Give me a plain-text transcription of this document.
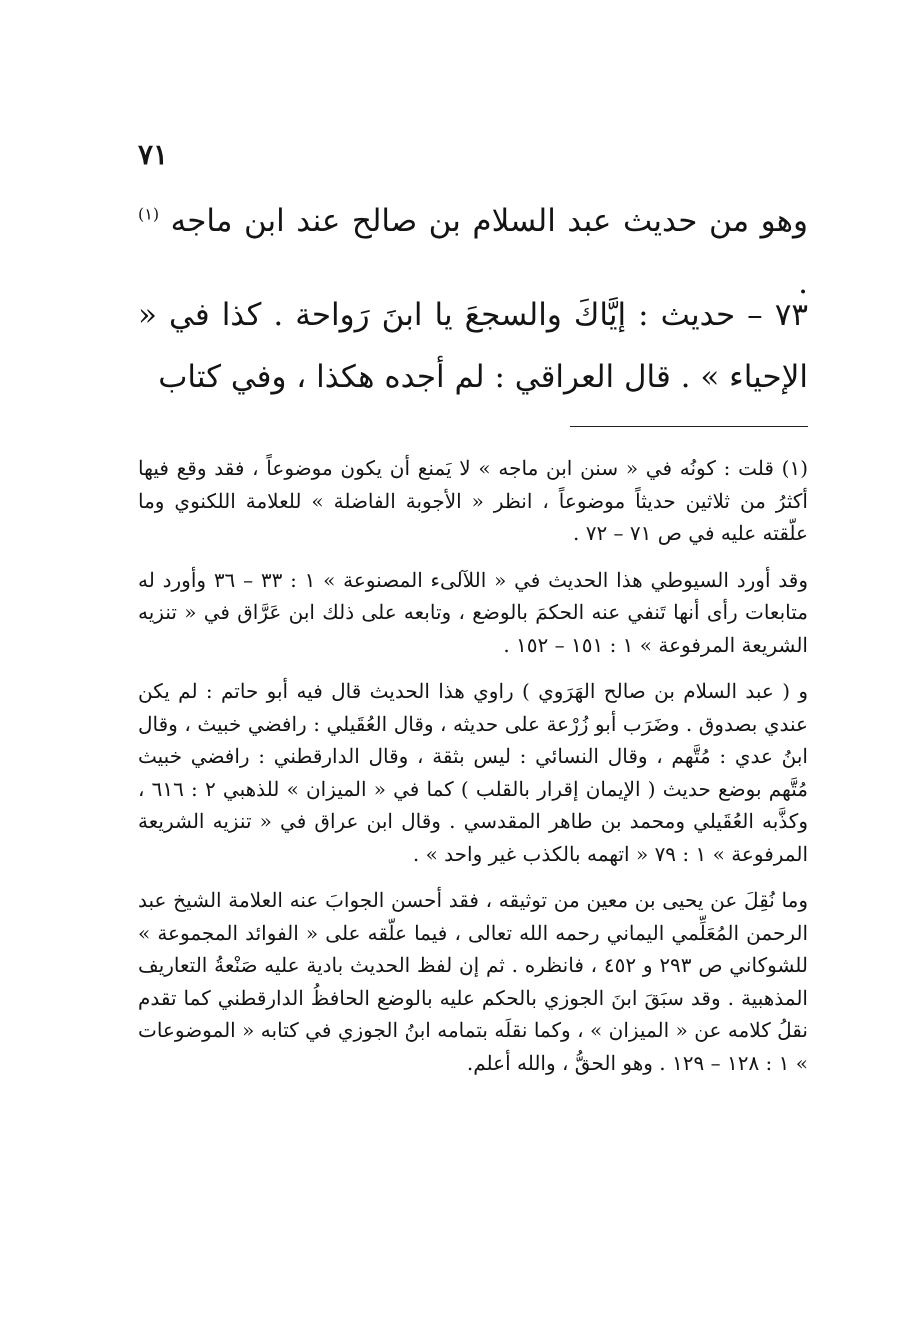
٧١
وهو من حديث عبد السلام بن صالح عند ابن ماجه $^{(١)}$ .

٧٣ – حديث : إيَّاكَ والسجعَ يا ابنَ رَواحة . كذا في « الإحياء » . قال العراقي : لم أجده هكذا ، وفي كتاب

(١) قلت : كونُه في « سنن ابن ماجه » لا يَمنع أن يكون موضوعاً ، فقد وقع فيها أكثرُ من ثلاثين حديثاً موضوعاً ، انظر « الأجوبة الفاضلة » للعلامة اللكنوي وما علّقته عليه في ص ٧١ – ٧٢ .

وقد أورد السيوطي هذا الحديث في « اللآلىء المصنوعة » ١ : ٣٣ – ٣٦ وأورد له متابعات رأى أنها تَنفي عنه الحكمَ بالوضع ، وتابعه على ذلك ابن عَرَّاق في « تنزيه الشريعة المرفوعة » ١ : ١٥١ – ١٥٢ .

و ( عبد السلام بن صالح الهَرَوي ) راوي هذا الحديث قال فيه أبو حاتم : لم يكن عندي بصدوق . وضَرَب أبو زُرْعة على حديثه ، وقال العُقَيلي : رافضي خبيث ، وقال ابنُ عدي : مُتَّهم ، وقال النسائي : ليس بثقة ، وقال الدارقطني : رافضي خبيث مُتَّهم بوضع حديث ( الإيمان إقرار بالقلب ) كما في « الميزان » للذهبي ٢ : ٦١٦ ، وكذَّبه العُقَيلي ومحمد بن طاهر المقدسي . وقال ابن عراق في « تنزيه الشريعة المرفوعة » ١ : ٧٩ « اتهمه بالكذب غير واحد » .

وما نُقِلَ عن يحيى بن معين من توثيقه ، فقد أحسن الجوابَ عنه العلامة الشيخ عبد الرحمن المُعَلِّمي اليماني رحمه الله تعالى ، فيما علّقه على « الفوائد المجموعة » للشوكاني ص ٢٩٣ و ٤٥٢ ، فانظره . ثم إن لفظ الحديث بادية عليه صَنْعةُ التعاريف المذهبية . وقد سبَقَ ابنَ الجوزي بالحكم عليه بالوضع الحافظُ الدارقطني كما تقدم نقلُ كلامه عن « الميزان » ، وكما نقلَه بتمامه ابنُ الجوزي في كتابه « الموضوعات » ١ : ١٢٨ – ١٢٩ . وهو الحقُّ ، والله أعلم.
